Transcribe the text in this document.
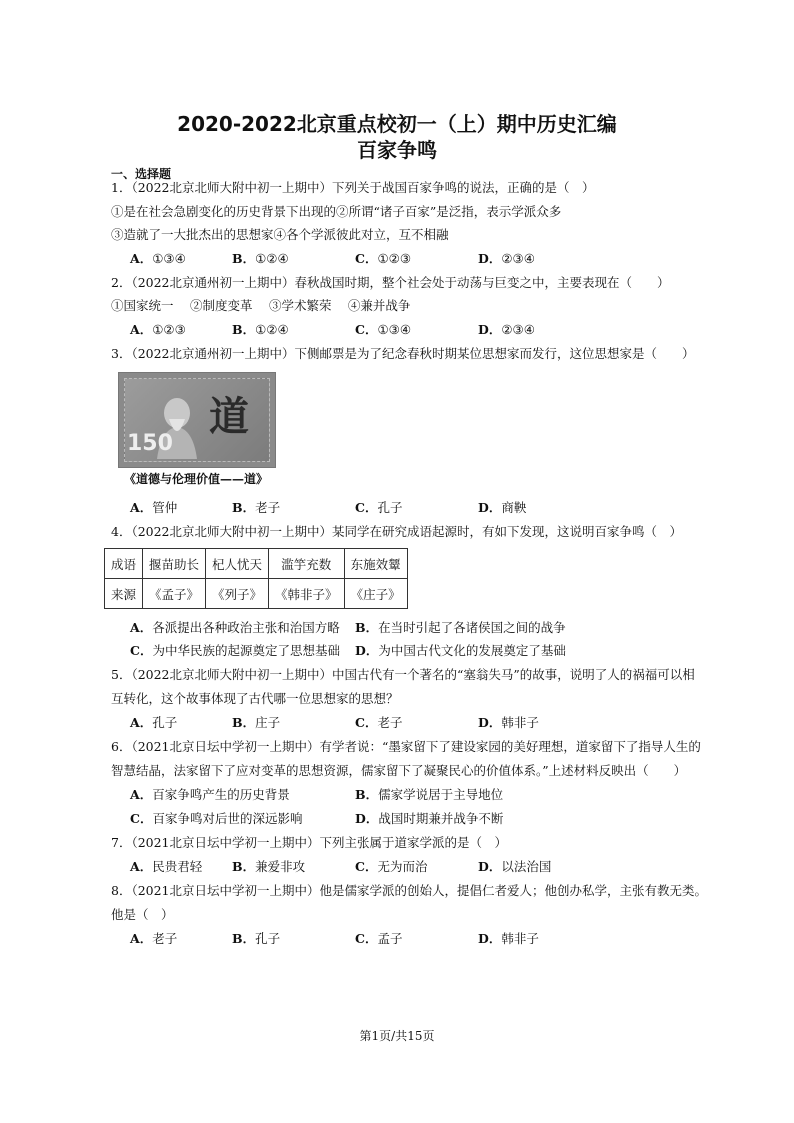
2020-2022北京重点校初一（上）期中历史汇编
百家争鸣
一、选择题
1．（2022北京北师大附中初一上期中）下列关于战国百家争鸣的说法，正确的是（　）
①是在社会急剧变化的历史背景下出现的②所谓“诸子百家”是泛指，表示学派众多
③造就了一大批杰出的思想家④各个学派彼此对立，互不相融
A．①③④	B．①②④	C．①②③	D．②③④
2．（2022北京通州初一上期中）春秋战国时期，整个社会处于动荡与巨变之中，主要表现在（　　）
①国家统一　 ②制度变革　 ③学术繁荣　 ④兼并战争
A．①②③	B．①②④	C．①③④	D．②③④
3．（2022北京通州初一上期中）下侧邮票是为了纪念春秋时期某位思想家而发行，这位思想家是（　　）
道
150
《道德与伦理价值——道》
A．管仲	B．老子	C．孔子	D．商鞅
4．（2022北京北师大附中初一上期中）某同学在研究成语起源时，有如下发现，这说明百家争鸣（　）
成语	揠苗助长	杞人忧天	滥竽充数	东施效颦
来源	《孟子》	《列子》	《韩非子》	《庄子》
A．各派提出各种政治主张和治国方略 B．在当时引起了各诸侯国之间的战争
C．为中华民族的起源奠定了思想基础 D．为中国古代文化的发展奠定了基础
5．（2022北京北师大附中初一上期中）中国古代有一个著名的“塞翁失马”的故事，说明了人的祸福可以相
互转化，这个故事体现了古代哪一位思想家的思想？
A．孔子	B．庄子	C．老子	D．韩非子
6．（2021北京日坛中学初一上期中）有学者说：“墨家留下了建设家园的美好理想，道家留下了指导人生的
智慧结晶，法家留下了应对变革的思想资源，儒家留下了凝聚民心的价值体系。”上述材料反映出（　　）
A．百家争鸣产生的历史背景	B．儒家学说居于主导地位
C．百家争鸣对后世的深远影响	D．战国时期兼并战争不断
7．（2021北京日坛中学初一上期中）下列主张属于道家学派的是（　）
A．民贵君轻 B．兼爱非攻	C．无为而治	D．以法治国
8．（2021北京日坛中学初一上期中）他是儒家学派的创始人，提倡仁者爱人；他创办私学，主张有教无类。
他是（　）
A．老子	B．孔子	C．孟子	D．韩非子
第1页/共15页
